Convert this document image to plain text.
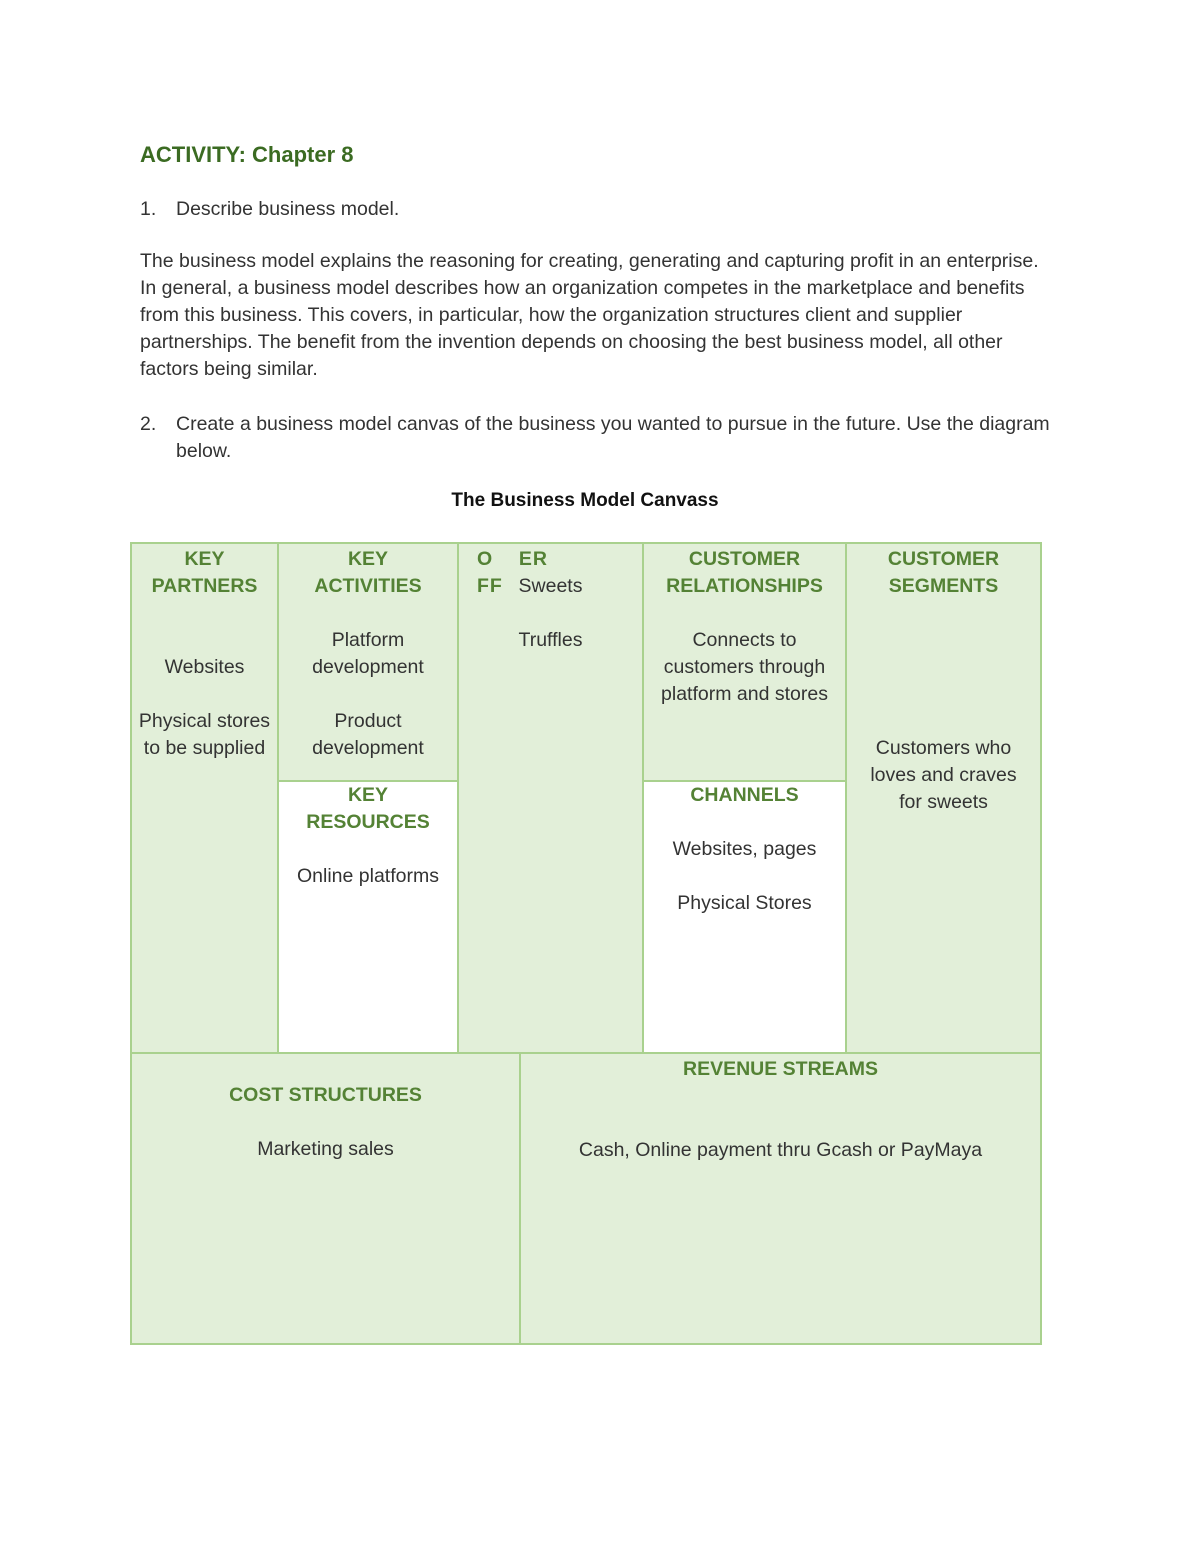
ACTIVITY: Chapter 8
1. Describe business model.
The business model explains the reasoning for creating, generating and capturing profit in an enterprise. In general, a business model describes how an organization competes in the marketplace and benefits from this business. This covers, in particular, how the organization structures client and supplier partnerships. The benefit from the invention depends on choosing the best business model, all other factors being similar.
2. Create a business model canvas of the business you wanted to pursue in the future. Use the diagram below.
The Business Model Canvass
KEY
PARTNERS

Websites

Physical stores to be supplied

KEY
ACTIVITIES

Platform development

Product development

KEY
RESOURCES

Online platforms

O    ER
FF Sweets

Truffles

CUSTOMER
RELATIONSHIPS

Connects to customers through platform and stores

CHANNELS

Websites, pages

Physical Stores

CUSTOMER
SEGMENTS

Customers who loves and craves for sweets

COST STRUCTURES

Marketing sales

REVENUE STREAMS

Cash, Online payment thru Gcash or PayMaya
